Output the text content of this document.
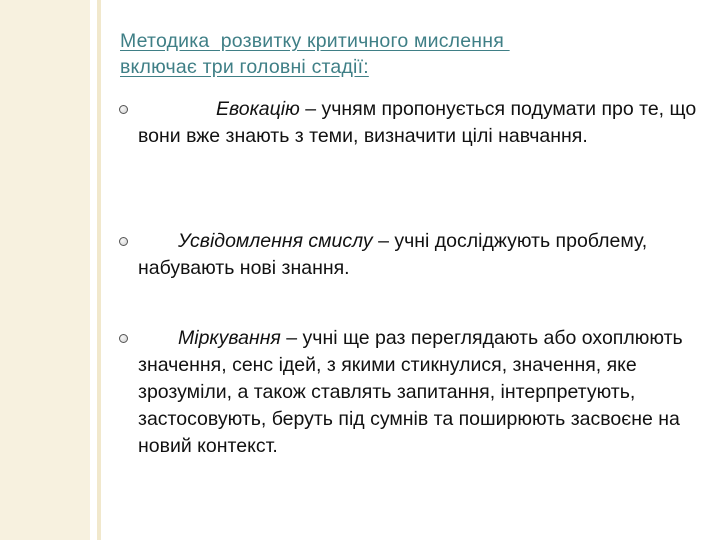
Методика  розвитку критичного мислення
включає три головні стадії:
Евокацію – учням пропонується подумати про те, що вони вже знають з теми, визначити цілі навчання.
Усвідомлення смислу – учні досліджують проблему, набувають нові знання.
Міркування – учні ще раз переглядають або охоплюють значення, сенс ідей, з якими стикнулися, значення, яке зрозуміли, а також ставлять запитання, інтерпретують, застосовують, беруть під сумнів та поширюють засвоєне на новий контекст.
